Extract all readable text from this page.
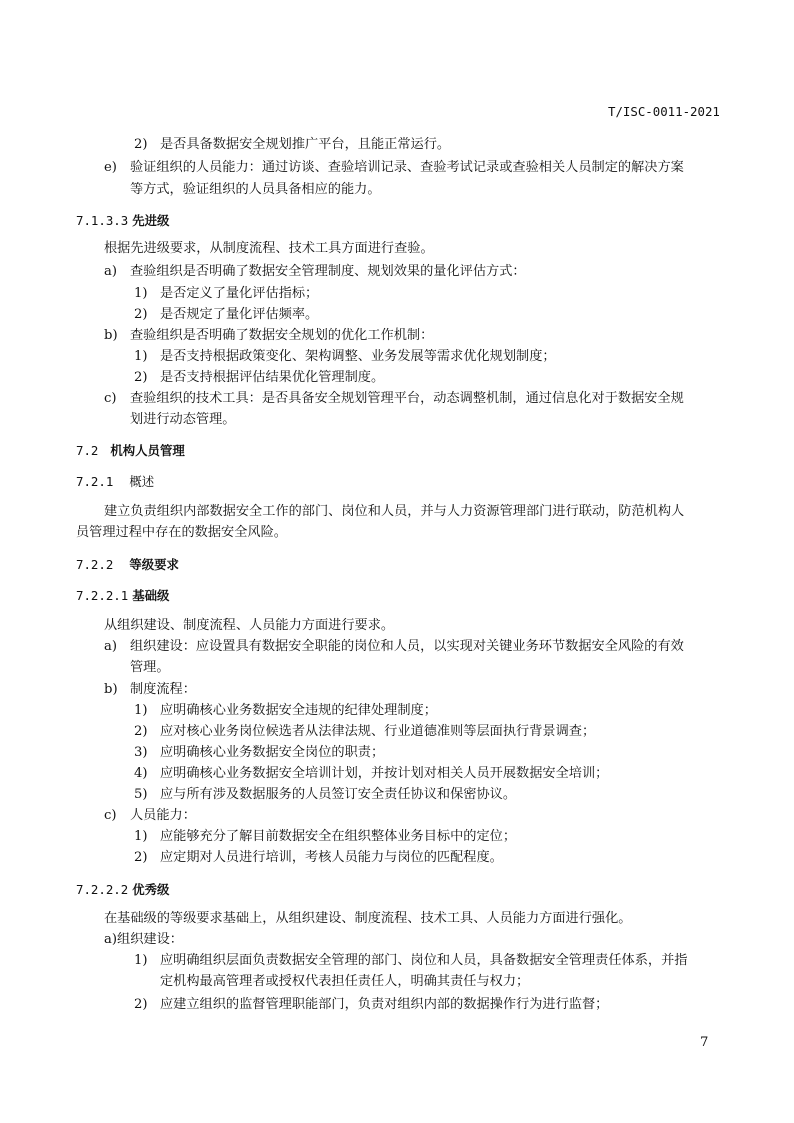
T/ISC-0011-2021
2) 是否具备数据安全规划推广平台，且能正常运行。
e) 验证组织的人员能力：通过访谈、查验培训记录、查验考试记录或查验相关人员制定的解决方案
等方式，验证组织的人员具备相应的能力。
7.1.3.3 先进级
根据先进级要求，从制度流程、技术工具方面进行查验。
a) 查验组织是否明确了数据安全管理制度、规划效果的量化评估方式：
1) 是否定义了量化评估指标；
2) 是否规定了量化评估频率。
b) 查验组织是否明确了数据安全规划的优化工作机制：
1) 是否支持根据政策变化、架构调整、业务发展等需求优化规划制度；
2) 是否支持根据评估结果优化管理制度。
c) 查验组织的技术工具：是否具备安全规划管理平台，动态调整机制，通过信息化对于数据安全规
划进行动态管理。
7.2 机构人员管理
7.2.1 概述
建立负责组织内部数据安全工作的部门、岗位和人员，并与人力资源管理部门进行联动，防范机构人
员管理过程中存在的数据安全风险。
7.2.2 等级要求
7.2.2.1 基础级
从组织建设、制度流程、人员能力方面进行要求。
a) 组织建设：应设置具有数据安全职能的岗位和人员，以实现对关键业务环节数据安全风险的有效
管理。
b) 制度流程：
1) 应明确核心业务数据安全违规的纪律处理制度；
2) 应对核心业务岗位候选者从法律法规、行业道德准则等层面执行背景调查；
3) 应明确核心业务数据安全岗位的职责；
4) 应明确核心业务数据安全培训计划，并按计划对相关人员开展数据安全培训；
5) 应与所有涉及数据服务的人员签订安全责任协议和保密协议。
c) 人员能力：
1) 应能够充分了解目前数据安全在组织整体业务目标中的定位；
2) 应定期对人员进行培训，考核人员能力与岗位的匹配程度。
7.2.2.2 优秀级
在基础级的等级要求基础上，从组织建设、制度流程、技术工具、人员能力方面进行强化。
a)组织建设：
1) 应明确组织层面负责数据安全管理的部门、岗位和人员，具备数据安全管理责任体系，并指
定机构最高管理者或授权代表担任责任人，明确其责任与权力；
2) 应建立组织的监督管理职能部门，负责对组织内部的数据操作行为进行监督；
7
